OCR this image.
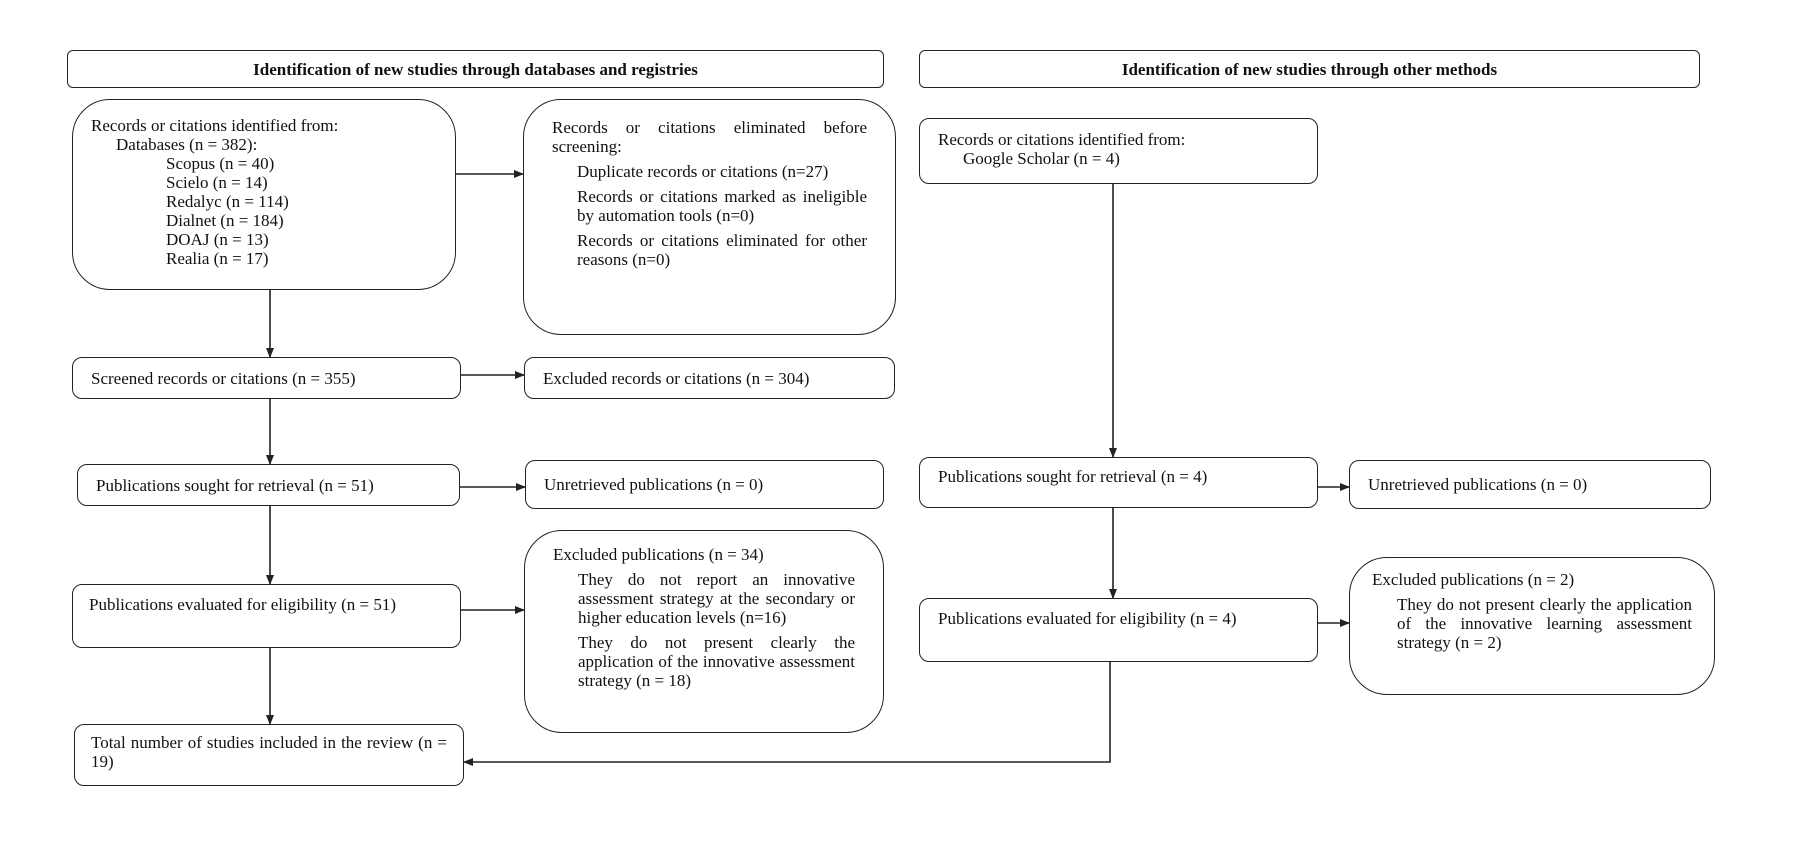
Identification of new studies through databases and registries	Identification of new studies through other methods
Records or citations identified from:
Databases (n = 382):
Scopus (n = 40)
Scielo (n = 14)
Redalyc (n = 114)
Dialnet (n = 184)
DOAJ (n = 13)
Realia (n = 17)
Records or citations eliminated before screening:
Duplicate records or citations (n=27)
Records or citations marked as ineligible by automation tools (n=0)
Records or citations eliminated for other reasons (n=0)
Screened records or citations (n = 355)	Excluded records or citations (n = 304)
Publications sought for retrieval (n = 51)	Unretrieved publications (n = 0)
Publications evaluated for eligibility (n = 51)
Excluded publications (n = 34)
They do not report an innovative assessment strategy at the secondary or higher education levels (n=16)
They do not present clearly the application of the innovative assessment strategy (n = 18)
Total number of studies included in the review (n = 19)
Records or citations identified from:
Google Scholar (n = 4)
Publications sought for retrieval (n = 4)	Unretrieved publications (n = 0)
Publications evaluated for eligibility (n = 4)
Excluded publications (n = 2)
They do not present clearly the application of the innovative learning assessment strategy (n = 2)
